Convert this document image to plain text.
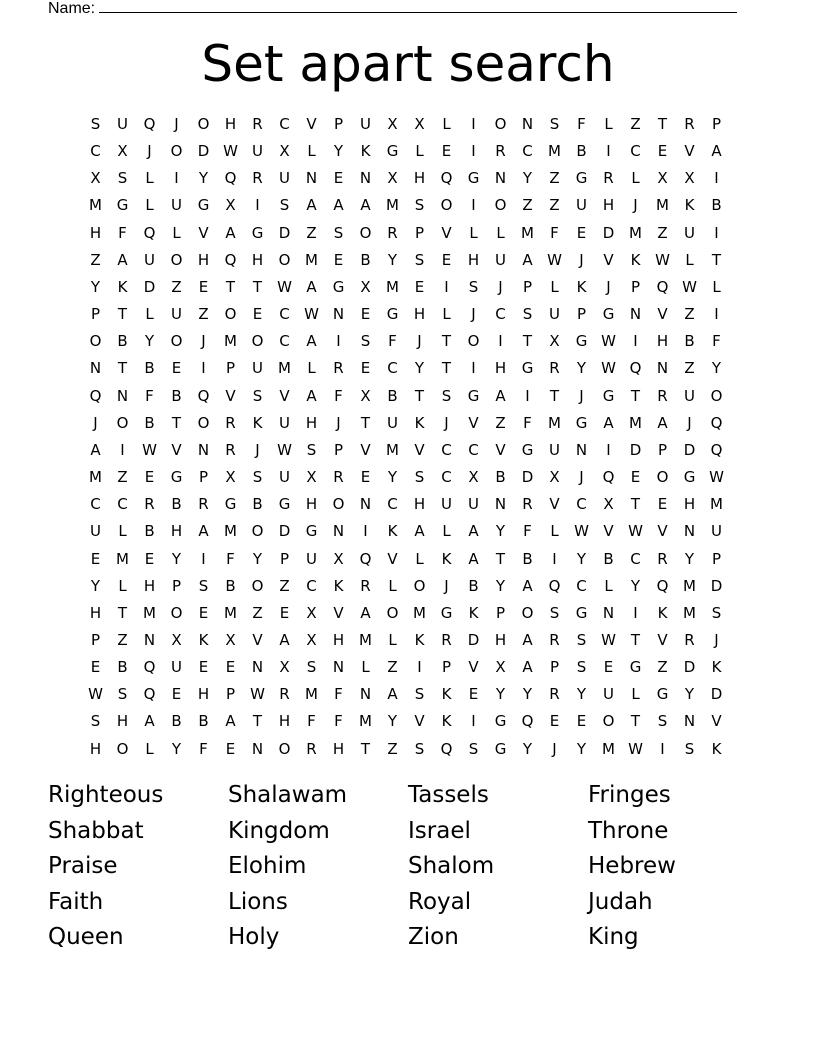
Name:
Set apart search
S	U	Q	J	O	H	R	C	V	P	U	X	X	L	I	O	N	S	F	L	Z	T	R	P
C	X	J	O	D W U	X	L	Y	K	G	L	E	I	R	C	M	B	I	C	E	V	A
X	S	L	I	Y	Q	R	U	N	E	N	X	H	Q	G	N	Y	Z	G	R	L	X	X	I
M G	L	U	G	X	I	S	A	A	A	M	S	O	I	O	Z	Z	U	H	J	M	K	B
H	F	Q	L	V	A	G	D	Z	S	O	R	P	V	L	L	M	F	E	D M	Z	U	I
Z	A	U	O	H	Q	H	O M	E	B	Y	S	E	H	U	A W	J	V	K W	L	T
Y	K	D	Z	E	T	T	W A	G	X	M	E	I	S	J	P	L	K	J	P	Q W	L
P	T	L	U	Z	O	E	C W N	E	G	H	L	J	C	S	U	P	G	N	V	Z	I
O	B	Y	O	J	M O	C	A	I	S	F	J	T	O	I	T	X	G W	I	H	B	F
N	T	B	E	I	P	U	M	L	R	E	C	Y	T	I	H	G	R	Y	W Q	N	Z	Y
Q	N	F	B	Q	V	S	V	A	F	X	B	T	S	G	A	I	T	J	G	T	R	U	O
J	O	B	T	O	R	K	U	H	J	T	U	K	J	V	Z	F	M G	A	M	A	J	Q
A	I	W V	N	R	J	W S	P	V	M	V	C	C	V	G	U	N	I	D	P	D	Q
M	Z	E	G	P	X	S	U	X	R	E	Y	S	C	X	B	D	X	J	Q	E	O	G W
C	C	R	B	R	G	B	G	H	O	N	C	H	U	U	N	R	V	C	X	T	E	H M
U	L	B	H	A	M O	D	G	N	I	K	A	L	A	Y	F	L	W V W V	N	U
E	M	E	Y	I	F	Y	P	U	X	Q	V	L	K	A	T	B	I	Y	B	C	R	Y	P
Y	L	H	P	S	B	O	Z	C	K	R	L	O	J	B	Y	A	Q	C	L	Y	Q M D
H	T	M O	E	M	Z	E	X	V	A	O M G	K	P	O	S	G	N	I	K	M	S
P	Z	N	X	K	X	V	A	X	H M	L	K	R	D	H	A	R	S W T	V	R	J
E	B	Q	U	E	E	N	X	S	N	L	Z	I	P	V	X	A	P	S	E	G	Z	D	K
W S	Q	E	H	P	W R	M	F	N	A	S	K	E	Y	Y	R	Y	U	L	G	Y	D
S	H	A	B	B	A	T	H	F	F	M	Y	V	K	I	G	Q	E	E	O	T	S	N	V
H	O	L	Y	F	E	N	O	R	H	T	Z	S	Q	S	G	Y	J	Y	M W	I	S	K
Righteous	Shalawam	Tassels	Fringes
Shabbat	Kingdom	Israel	Throne
Praise	Elohim	Shalom	Hebrew
Faith	Lions	Royal	Judah
Queen	Holy	Zion	King
